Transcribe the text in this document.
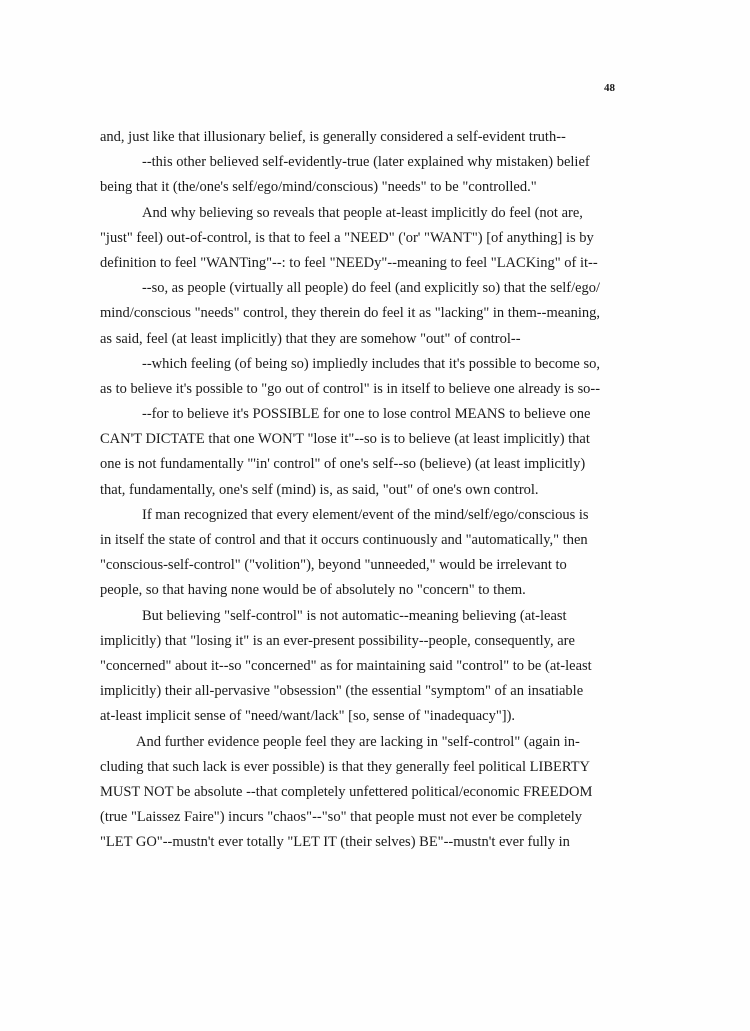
48
and, just like that illusionary belief, is generally considered a self-evident truth--
--this other believed self-evidently-true (later explained why mistaken) belief
being that it (the/one's self/ego/mind/conscious) "needs" to be "controlled."
And why believing so reveals that people at-least implicitly do feel (not are,
"just" feel) out-of-control, is that to feel a "NEED" ('or' "WANT") [of anything] is by
definition to feel "WANTing"--: to feel "NEEDy"--meaning to feel "LACKing" of it--
--so, as people (virtually all people) do feel (and explicitly so) that the self/ego/
mind/conscious "needs" control, they therein do feel it as "lacking" in them--meaning,
as said, feel (at least implicitly) that they are somehow "out" of control--
--which feeling (of being so) impliedly includes that it's possible to become so,
as to believe it's possible to "go out of control" is in itself to believe one already is so--
--for to believe it's POSSIBLE for one to lose control MEANS to believe one
CAN'T DICTATE that one WON'T "lose it"--so is to believe (at least implicitly) that
one is not fundamentally "'in' control" of one's self--so (believe) (at least implicitly)
that, fundamentally, one's self (mind) is, as said, "out" of one's own control.
If man recognized that every element/event of the mind/self/ego/conscious is
in itself the state of control and that it occurs continuously and "automatically," then
"conscious-self-control" ("volition"), beyond "unneeded," would be irrelevant to
people, so that having none would be of absolutely no "concern" to them.
But believing "self-control" is not automatic--meaning believing (at-least
implicitly) that "losing it" is an ever-present possibility--people, consequently, are
"concerned" about it--so "concerned" as for maintaining said "control" to be (at-least
implicitly) their all-pervasive "obsession" (the essential "symptom" of an insatiable
at-least implicit sense of "need/want/lack" [so, sense of "inadequacy"]).
And further evidence people feel they are lacking in "self-control" (again in-
cluding that such lack is ever possible) is that they generally feel political LIBERTY
MUST NOT be absolute --that completely unfettered political/economic FREEDOM
(true "Laissez Faire") incurs "chaos"--"so" that people must not ever be completely
"LET GO"--mustn't ever totally "LET IT (their selves) BE"--mustn't ever fully in
